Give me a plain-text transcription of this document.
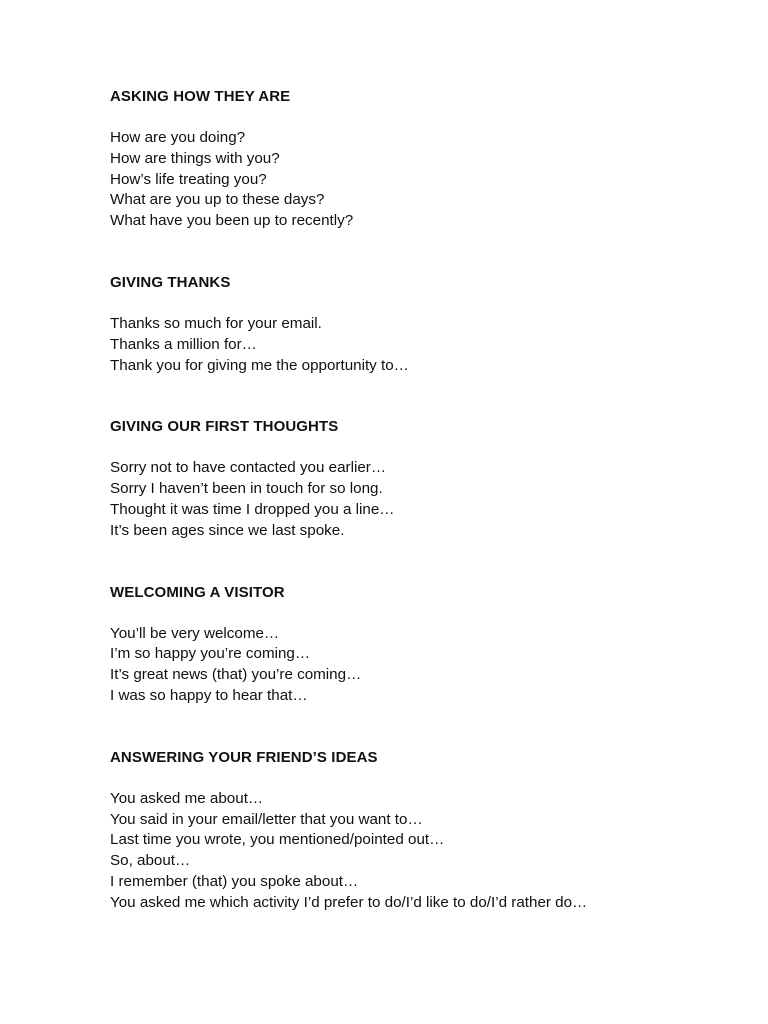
ASKING HOW THEY ARE
How are you doing?
How are things with you?
How’s life treating you?
What are you up to these days?
What have you been up to recently?
GIVING THANKS
Thanks so much for your email.
Thanks a million for…
Thank you for giving me the opportunity to…
GIVING OUR FIRST THOUGHTS
Sorry not to have contacted you earlier…
Sorry I haven’t been in touch for so long.
Thought it was time I dropped you a line…
It’s been ages since we last spoke.
WELCOMING A VISITOR
You’ll be very welcome…
I’m so happy you’re coming…
It’s great news (that) you’re coming…
I was so happy to hear that…
ANSWERING YOUR FRIEND’S IDEAS
You asked me about…
You said in your email/letter that you want to…
Last time you wrote, you mentioned/pointed out…
So, about…
I remember (that) you spoke about…
You asked me which activity I’d prefer to do/I’d like to do/I’d rather do…
